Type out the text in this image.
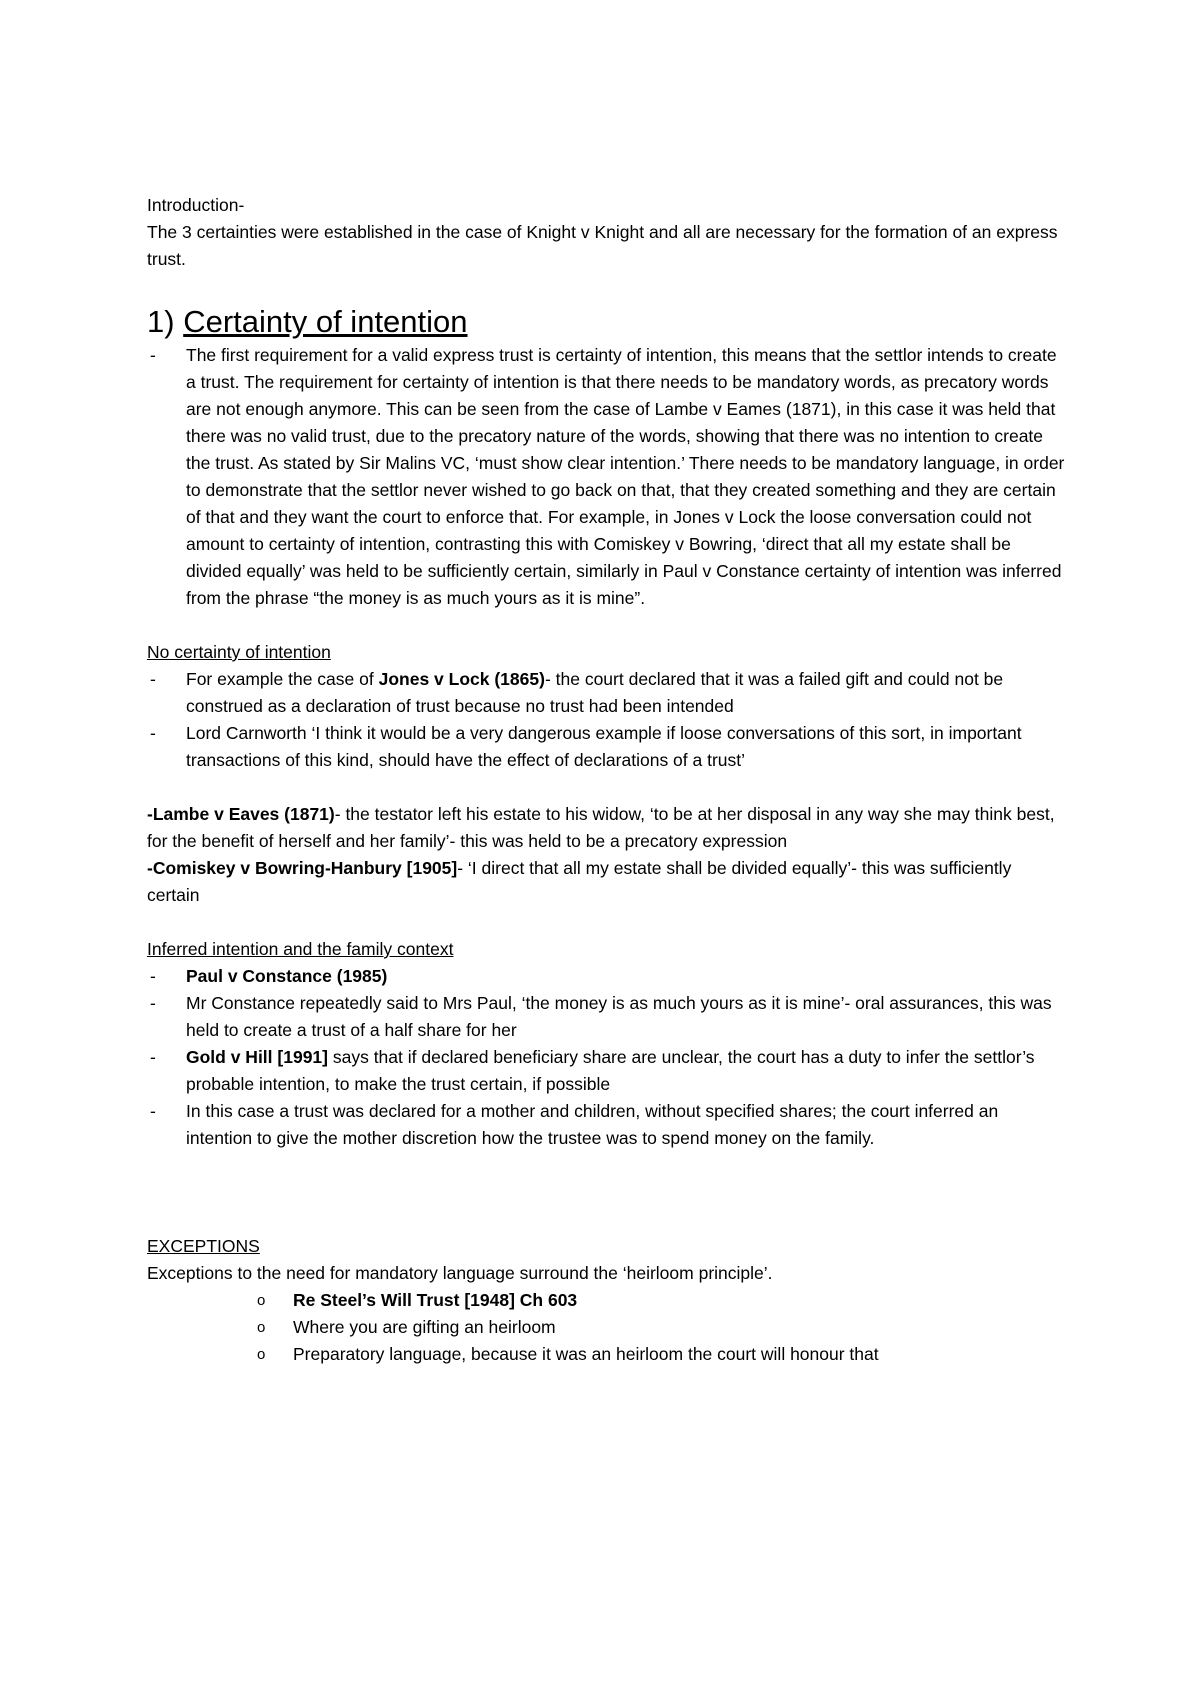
Introduction-

The 3 certainties were established in the case of Knight v Knight and all are necessary for the formation of an express trust.

1) Certainty of intention

- The first requirement for a valid express trust is certainty of intention, this means that the settlor intends to create a trust. The requirement for certainty of intention is that there needs to be mandatory words, as precatory words are not enough anymore. This can be seen from the case of Lambe v Eames (1871), in this case it was held that there was no valid trust, due to the precatory nature of the words, showing that there was no intention to create the trust. As stated by Sir Malins VC, ‘must show clear intention.’ There needs to be mandatory language, in order to demonstrate that the settlor never wished to go back on that, that they created something and they are certain of that and they want the court to enforce that. For example, in Jones v Lock the loose conversation could not amount to certainty of intention, contrasting this with Comiskey v Bowring, ‘direct that all my estate shall be divided equally’ was held to be sufficiently certain, similarly in Paul v Constance certainty of intention was inferred from the phrase “the money is as much yours as it is mine”.

No certainty of intention

- For example the case of Jones v Lock (1865)- the court declared that it was a failed gift and could not be construed as a declaration of trust because no trust had been intended
- Lord Carnworth ‘I think it would be a very dangerous example if loose conversations of this sort, in important transactions of this kind, should have the effect of declarations of a trust’

-Lambe v Eaves (1871)- the testator left his estate to his widow, ‘to be at her disposal in any way she may think best, for the benefit of herself and her family’- this was held to be a precatory expression

-Comiskey v Bowring-Hanbury [1905]- ‘I direct that all my estate shall be divided equally’- this was sufficiently certain

Inferred intention and the family context

- Paul v Constance (1985)
- Mr Constance repeatedly said to Mrs Paul, ‘the money is as much yours as it is mine’- oral assurances, this was held to create a trust of a half share for her
- Gold v Hill [1991] says that if declared beneficiary share are unclear, the court has a duty to infer the settlor’s probable intention, to make the trust certain, if possible
- In this case a trust was declared for a mother and children, without specified shares; the court inferred an intention to give the mother discretion how the trustee was to spend money on the family.

EXCEPTIONS

Exceptions to the need for mandatory language surround the ‘heirloom principle’.

o Re Steel’s Will Trust [1948] Ch 603
o Where you are gifting an heirloom
o Preparatory language, because it was an heirloom the court will honour that
